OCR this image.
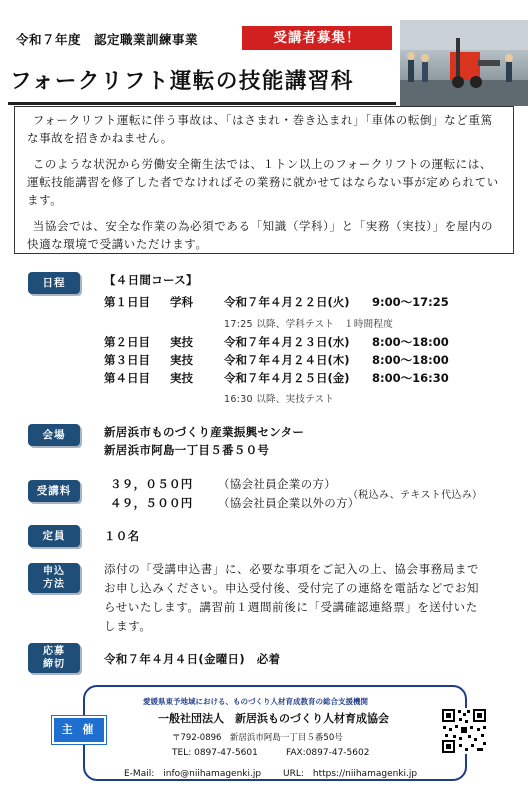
令和７年度　認定職業訓練事業	受講者募集！
フォークリフト運転の技能講習科

フォークリフト運転に伴う事故は、「はさまれ・巻き込まれ」「車体の転倒」など重篤な事故を招きかねません。

このような状況から労働安全衛生法では、１トン以上のフォークリフトの運転には、運転技能講習を修了した者でなければその業務に就かせてはならない事が定められています。

当協会では、安全な作業の為必須である「知識（学科）」と「実務（実技）」を屋内の快適な環境で受講いただけます。

日程	【４日間コース】
第１日目 学科	令和７年４月２２日(火) 9:00～17:25
17:25 以降、学科テスト　１時間程度
第２日目 実技	令和７年４月２３日(水) 8:00～18:00
第３日目 実技	令和７年４月２４日(木) 8:00～18:00
第４日目 実技	令和７年４月２５日(金) 8:00～16:30
16:30 以降、実技テスト
会場	新居浜市ものづくり産業振興センター
新居浜市阿島一丁目５番５０号
受講料	３９，０５０円 （協会社員企業の方）
４９，５００円 （協会社員企業以外の方）
（税込み、テキスト代込み）
定員	１０名
申込
方法
添付の「受講申込書」に、必要な事項をご記入の上、協会事務局までお申し込みください。申込受付後、受付完了の連絡を電話などでお知らせいたします。講習前１週間前後に「受講確認連絡票」を送付いたします。
応募
締切	令和７年４月４日(金曜日)　必着
主 催
愛媛県東予地域における、ものづくり人材育成教育の総合支援機関
一般社団法人　新居浜ものづくり人材育成協会
〒792-0896　新居浜市阿島一丁目５番50号
TEL: 0897-47-5601	FAX:0897-47-5602
E-Mail:　info@niihamagenki.jp URL:　https://niihamagenki.jp
